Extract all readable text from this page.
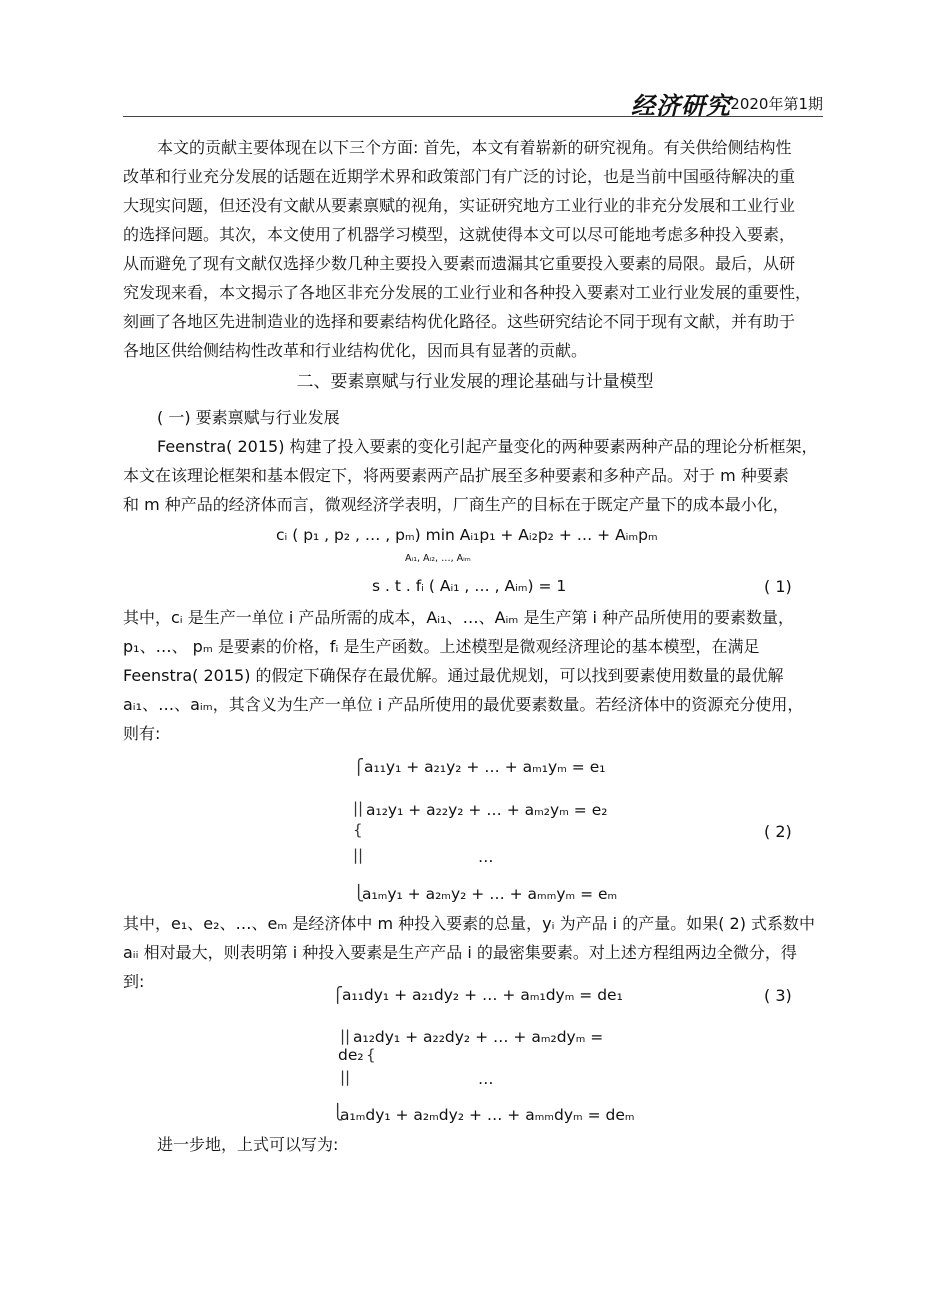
经济研究 2020年第1期

本文的贡献主要体现在以下三个方面: 首先，本文有着崭新的研究视角。有关供给侧结构性

改革和行业充分发展的话题在近期学术界和政策部门有广泛的讨论，也是当前中国亟待解决的重

大现实问题，但还没有文献从要素禀赋的视角，实证研究地方工业行业的非充分发展和工业行业

的选择问题。其次，本文使用了机器学习模型，这就使得本文可以尽可能地考虑多种投入要素，

从而避免了现有文献仅选择少数几种主要投入要素而遗漏其它重要投入要素的局限。最后，从研

究发现来看，本文揭示了各地区非充分发展的工业行业和各种投入要素对工业行业发展的重要性，

刻画了各地区先进制造业的选择和要素结构优化路径。这些研究结论不同于现有文献，并有助于

各地区供给侧结构性改革和行业结构优化，因而具有显著的贡献。

二、要素禀赋与行业发展的理论基础与计量模型

( 一) 要素禀赋与行业发展

Feenstra( 2015) 构建了投入要素的变化引起产量变化的两种要素两种产品的理论分析框架，

本文在该理论框架和基本假定下，将两要素两产品扩展至多种要素和多种产品。对于 m 种要素

和 m 种产品的经济体而言，微观经济学表明，厂商生产的目标在于既定产量下的成本最小化，

cᵢ ( p₁ , p₂ , … , pₘ) min Aᵢ₁p₁ + Aᵢ₂p₂ + … + Aᵢₘpₘ
Aᵢ₁, Aᵢ₂, …, Aᵢₘ
s . t . fᵢ ( Aᵢ₁ , … , Aᵢₘ) = 1	( 1)

其中，cᵢ 是生产一单位 i 产品所需的成本，Aᵢ₁、…、Aᵢₘ 是生产第 i 种产品所使用的要素数量，

p₁、…、 pₘ 是要素的价格，fᵢ 是生产函数。上述模型是微观经济理论的基本模型，在满足

Feenstra( 2015) 的假定下确保存在最优解。通过最优规划，可以找到要素使用数量的最优解

aᵢ₁、…、aᵢₘ，其含义为生产一单位 i 产品所使用的最优要素数量。若经济体中的资源充分使用，

则有:

⎧
||
{
||
⎩
a₁₁y₁ + a₂₁y₂ + … + aₘ₁yₘ = e₁
a₁₂y₁ + a₂₂y₂ + … + aₘ₂yₘ = e₂
…
a₁ₘy₁ + a₂ₘy₂ + … + aₘₘyₘ = eₘ
( 2)

其中，e₁、e₂、…、eₘ 是经济体中 m 种投入要素的总量，yᵢ 为产品 i 的产量。如果( 2) 式系数中

aᵢᵢ 相对最大，则表明第 i 种投入要素是生产产品 i 的最密集要素。对上述方程组两边全微分，得

到:

⎧
||
{
||
⎩
a₁₁dy₁ + a₂₁dy₂ + … + aₘ₁dyₘ = de₁
a₁₂dy₁ + a₂₂dy₂ + … + aₘ₂dyₘ =
de₂
…
a₁ₘdy₁ + a₂ₘdy₂ + … + aₘₘdyₘ = deₘ
( 3)

进一步地，上式可以写为:
